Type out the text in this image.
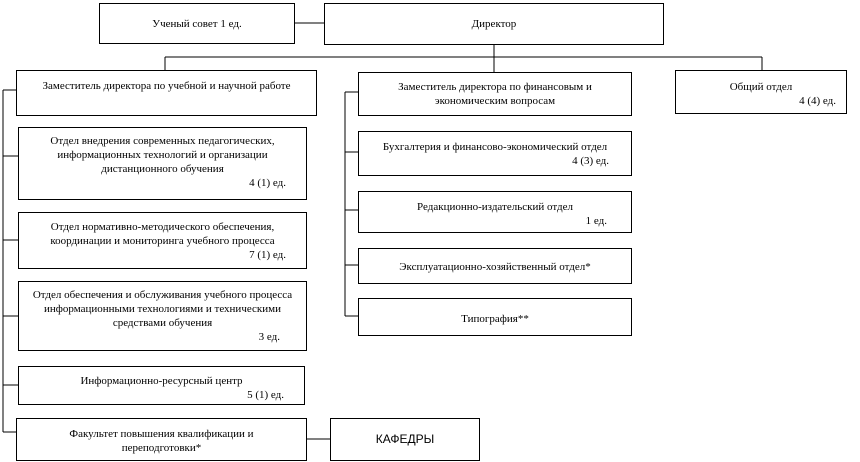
Ученый совет 1 ед.	Директор
Заместитель директора по учебной и научной работе
Отдел внедрения современных педагогических, информационных технологий и организации дистанционного обучения
4 (1) ед.
Отдел нормативно-методического обеспечения, координации и мониторинга учебного процесса
7 (1) ед.
Отдел обеспечения и обслуживания учебного процесса информационными технологиями и техническими средствами обучения
3 ед.
Информационно-ресурсный центр
5 (1) ед.
Факультет повышения квалификации и переподготовки*
КАФЕДРЫ
Заместитель директора по финансовым и экономическим вопросам
Бухгалтерия и финансово-экономический отдел
4 (3) ед.
Редакционно-издательский отдел
1 ед.
Эксплуатационно-хозяйственный отдел*
Типография**
Общий отдел
4 (4) ед.
